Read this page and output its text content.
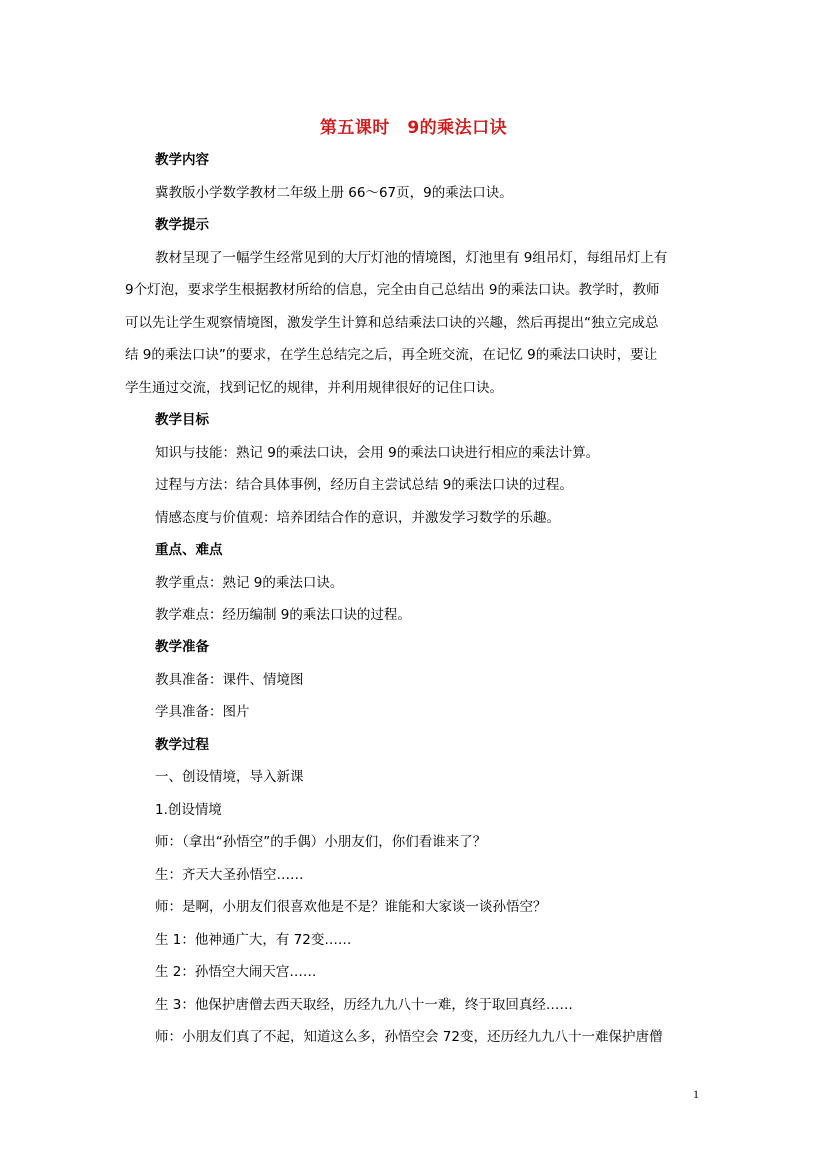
第五课时　9的乘法口诀
教学内容
冀教版小学数学教材二年级上册 66～67页，9的乘法口诀。
教学提示
教材呈现了一幅学生经常见到的大厅灯池的情境图，灯池里有 9组吊灯，每组吊灯上有
9个灯泡，要求学生根据教材所给的信息，完全由自己总结出 9的乘法口诀。教学时，教师
可以先让学生观察情境图，激发学生计算和总结乘法口诀的兴趣，然后再提出“独立完成总
结 9的乘法口诀”的要求，在学生总结完之后，再全班交流，在记忆 9的乘法口诀时，要让
学生通过交流，找到记忆的规律，并利用规律很好的记住口诀。
教学目标
知识与技能：熟记 9的乘法口诀，会用 9的乘法口诀进行相应的乘法计算。
过程与方法：结合具体事例，经历自主尝试总结 9的乘法口诀的过程。
情感态度与价值观：培养团结合作的意识，并激发学习数学的乐趣。
重点、难点
教学重点：熟记 9的乘法口诀。
教学难点：经历编制 9的乘法口诀的过程。
教学准备
教具准备：课件、情境图
学具准备：图片
教学过程
一、创设情境，导入新课
1.创设情境
师：（拿出“孙悟空”的手偶）小朋友们，你们看谁来了？
生：齐天大圣孙悟空……
师：是啊，小朋友们很喜欢他是不是？谁能和大家谈一谈孙悟空？
生 1：他神通广大，有 72变……
生 2：孙悟空大闹天宫……
生 3：他保护唐僧去西天取经，历经九九八十一难，终于取回真经……
师：小朋友们真了不起，知道这么多，孙悟空会 72变，还历经九九八十一难保护唐僧
1
